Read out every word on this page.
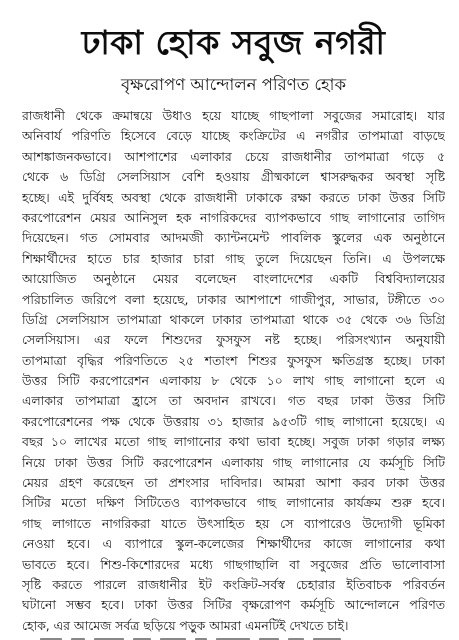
ঢাকা হোক সবুজ নগরী
বৃক্ষরোপণ আন্দোলন পরিণত হোক
রাজধানী থেকে ক্রমান্বয়ে উধাও হয়ে যাচ্ছে গাছপালা সবুজের সমারোহ। যার
অনিবার্য পরিণতি হিসেবে বেড়ে যাচ্ছে কংক্রিটের এ নগরীর তাপমাত্রা বাড়ছে
আশঙ্কাজনকভাবে। আশপাশের এলাকার চেয়ে রাজধানীর তাপমাত্রা গড়ে ৫
থেকে ৬ ডিগ্রি সেলসিয়াস বেশি হওয়ায় গ্রীষ্মকালে শ্বাসরুদ্ধকর অবস্থা সৃষ্টি
হচ্ছে। এই দুর্বিষহ অবস্থা থেকে রাজধানী ঢাকাকে রক্ষা করতে ঢাকা উত্তর সিটি
করপোরেশন মেয়র আনিসুল হক নাগরিকদের ব্যাপকভাবে গাছ লাগানোর তাগিদ
দিয়েছেন। গত সোমবার আদমজী ক্যান্টনমেন্ট পাবলিক স্কুলের এক অনুষ্ঠানে
শিক্ষার্থীদের হাতে চার হাজার চারা গাছ তুলে দিয়েছেন তিনি। এ উপলক্ষে
আয়োজিত অনুষ্ঠানে মেয়র বলেছেন বাংলাদেশের একটি বিশ্ববিদ্যালয়ের
পরিচালিত জরিপে বলা হয়েছে, ঢাকার আশপাশে গাজীপুর, সাভার, টঙ্গীতে ৩০
ডিগ্রি সেলসিয়াস তাপমাত্রা থাকলে ঢাকার তাপমাত্রা থাকে ৩৫ থেকে ৩৬ ডিগ্রি
সেলসিয়াস। এর ফলে শিশুদের ফুসফুস নষ্ট হচ্ছে। পরিসংখ্যান অনুযায়ী
তাপমাত্রা বৃদ্ধির পরিণতিতে ২৫ শতাংশ শিশুর ফুসফুস ক্ষতিগ্রস্ত হচ্ছে। ঢাকা
উত্তর সিটি করপোরেশন এলাকায় ৮ থেকে ১০ লাখ গাছ লাগানো হলে এ
এলাকার তাপমাত্রা হ্রাসে তা অবদান রাখবে। গত বছর ঢাকা উত্তর সিটি
করপোরেশনের পক্ষ থেকে উত্তরায় ৩১ হাজার ৯৫৩টি গাছ লাগানো হয়েছে। এ
বছর ১০ লাখের মতো গাছ লাগানোর কথা ভাবা হচ্ছে। সবুজ ঢাকা গড়ার লক্ষ্য
নিয়ে ঢাকা উত্তর সিটি করপোরেশন এলাকায় গাছ লাগানোর যে কর্মসূচি সিটি
মেয়র গ্রহণ করেছেন তা প্রশংসার দাবিদার। আমরা আশা করব ঢাকা উত্তর
সিটির মতো দক্ষিণ সিটিতেও ব্যাপকভাবে গাছ লাগানোর কার্যক্রম শুরু হবে।
গাছ লাগাতে নাগরিকরা যাতে উৎসাহিত হয় সে ব্যাপারেও উদ্যোগী ভূমিকা
নেওয়া হবে। এ ব্যাপারে স্কুল-কলেজের শিক্ষার্থীদের কাজে লাগানোর কথা
ভাবতে হবে। শিশু-কিশোরদের মধ্যে গাছগাছালি বা সবুজের প্রতি ভালোবাসা
সৃষ্টি করতে পারলে রাজধানীর ইট কংক্রিট-সর্বস্ব চেহারার ইতিবাচক পরিবর্তন
ঘটানো সম্ভব হবে। ঢাকা উত্তর সিটির বৃক্ষরোপণ কর্মসূচি আন্দোলনে পরিণত
হোক, এর আমেজ সর্বত্র ছড়িয়ে পড়ুক আমরা এমনটিই দেখতে চাই।
